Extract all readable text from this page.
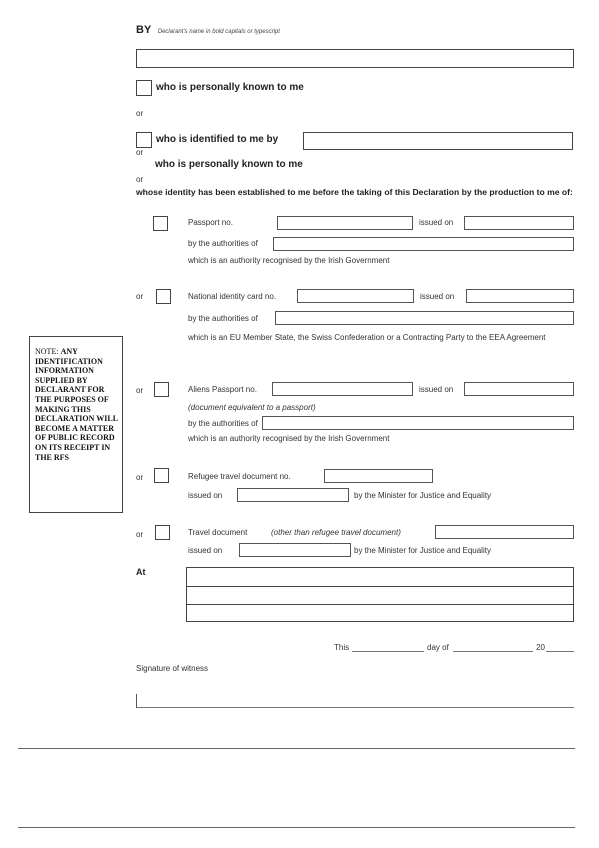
BY Declarant's name in bold capitals or typescript
who is personally known to me
or
who is identified to me by
or
who is personally known to me
or
whose identity has been established to me before the taking of this Declaration by the production to me of:
Passport no.	issued on
by the authorities of
which is an authority recognised by the Irish Government
or	National identity card no.	issued on
by the authorities of
which is an EU Member State, the Swiss Confederation or a Contracting Party to the EEA Agreement
or	Aliens Passport no.	issued on
(document equivalent to a passport)
by the authorities of
which is an authority recognised by the Irish Government
NOTE: ANY IDENTIFICATION INFORMATION SUPPLIED BY DECLARANT FOR THE PURPOSES OF MAKING THIS DECLARATION WILL BECOME A MATTER OF PUBLIC RECORD ON ITS RECEIPT IN THE RFS
or	Refugee travel document no.
issued on	by the Minister for Justice and Equality
or	Travel document	(other than refugee travel document)
issued on	by the Minister for Justice and Equality
At
This	day of	20
Signature of witness
